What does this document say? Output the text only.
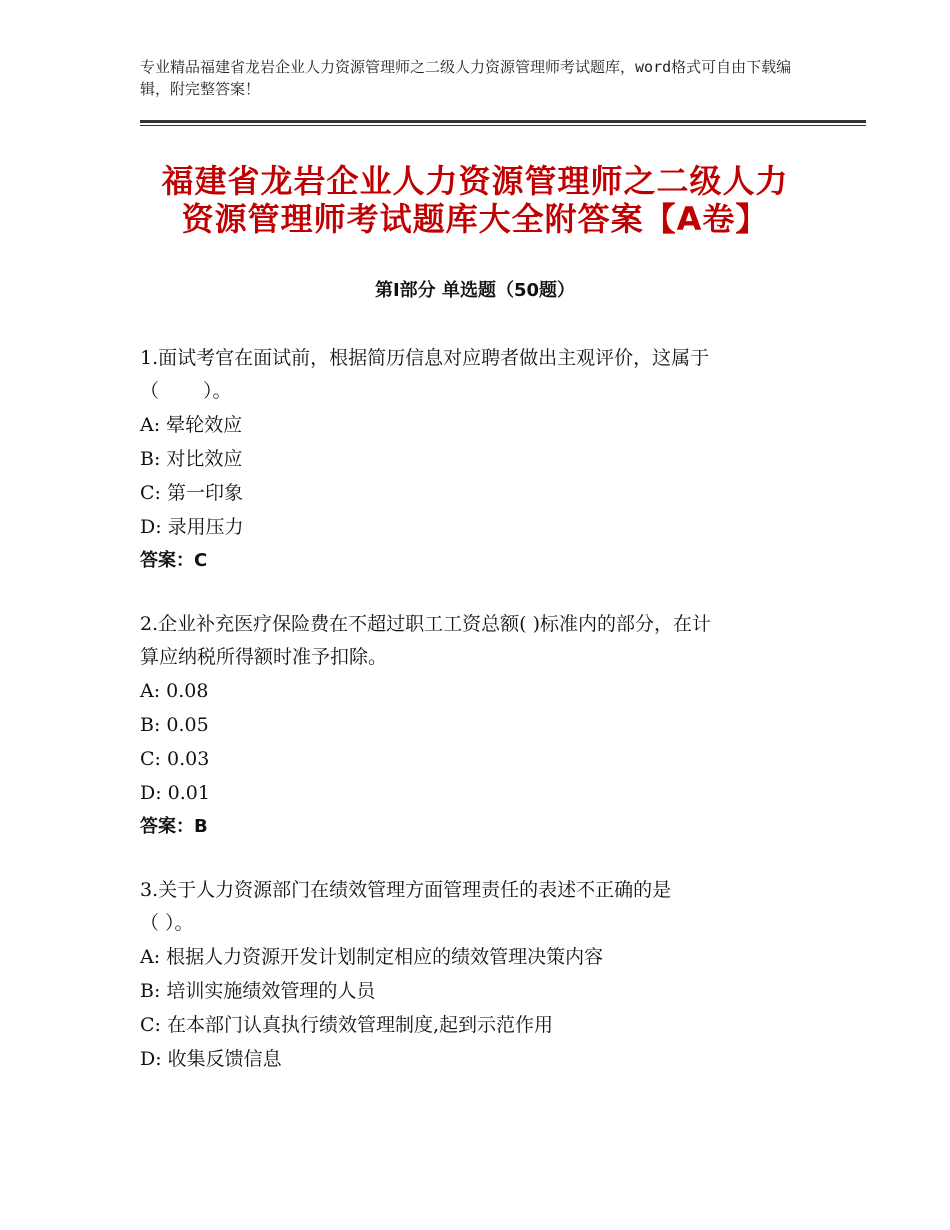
专业精品福建省龙岩企业人力资源管理师之二级人力资源管理师考试题库，word格式可自由下载编辑，附完整答案！
福建省龙岩企业人力资源管理师之二级人力
资源管理师考试题库大全附答案【A卷】
第Ⅰ部分 单选题（50题）

1.面试考官在面试前，根据简历信息对应聘者做出主观评价，这属于

（　　 ）。

A: 晕轮效应

B: 对比效应

C: 第一印象

D: 录用压力

答案：C

2.企业补充医疗保险费在不超过职工工资总额( )标准内的部分，在计

算应纳税所得额时准予扣除。

A: 0.08

B: 0.05

C: 0.03

D: 0.01

答案：B

3.关于人力资源部门在绩效管理方面管理责任的表述不正确的是

（ ）。

A: 根据人力资源开发计划制定相应的绩效管理决策内容

B: 培训实施绩效管理的人员

C: 在本部门认真执行绩效管理制度,起到示范作用

D: 收集反馈信息
